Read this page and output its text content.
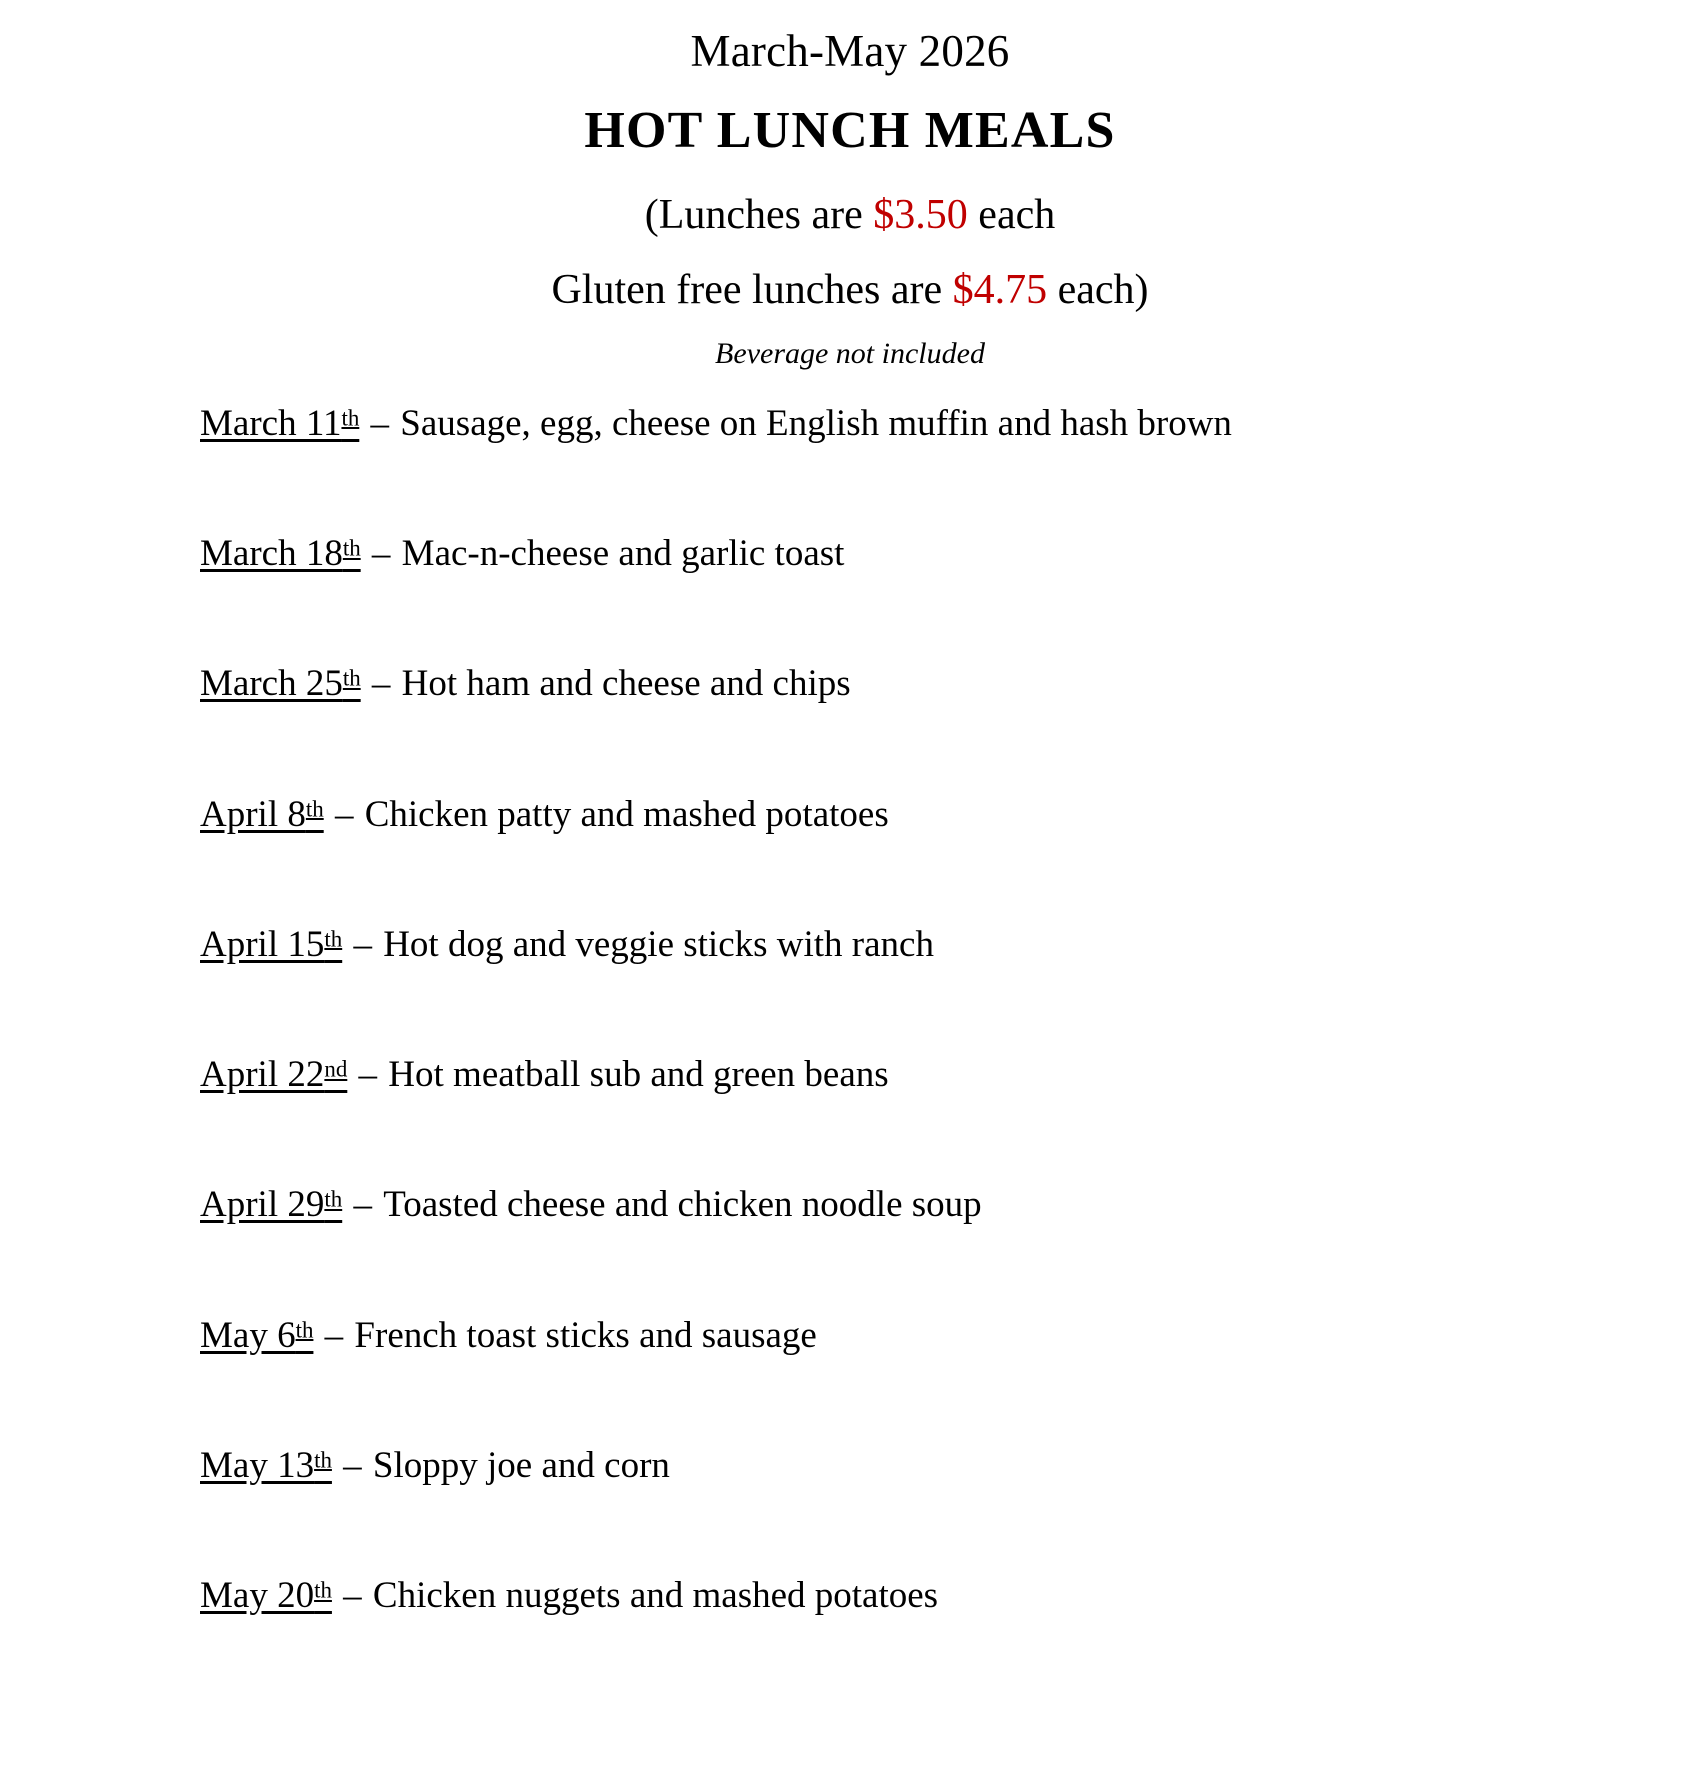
March-May 2026
HOT LUNCH MEALS
(Lunches are $3.50 each
Gluten free lunches are $4.75 each)
Beverage not included
March 11th – Sausage, egg, cheese on English muffin and hash brown
March 18th – Mac-n-cheese and garlic toast
March 25th – Hot ham and cheese and chips
April 8th – Chicken patty and mashed potatoes
April 15th – Hot dog and veggie sticks with ranch
April 22nd – Hot meatball sub and green beans
April 29th – Toasted cheese and chicken noodle soup
May 6th – French toast sticks and sausage
May 13th – Sloppy joe and corn
May 20th – Chicken nuggets and mashed potatoes
